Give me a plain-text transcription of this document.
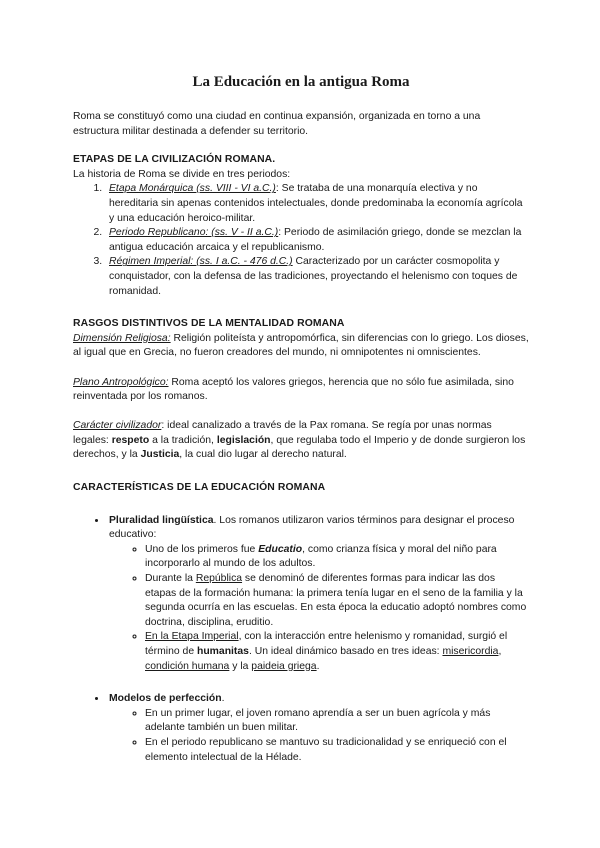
La Educación en la antigua Roma

Roma se constituyó como una ciudad en continua expansión, organizada en torno a una estructura militar destinada a defender su territorio.

ETAPAS DE LA CIVILIZACIÓN ROMANA.

La historia de Roma se divide en tres periodos:

1. Etapa Monárquica (ss. VIII - VI a.C.): Se trataba de una monarquía electiva y no hereditaria sin apenas contenidos intelectuales, donde predominaba la economía agrícola y una educación heroico-militar.
2. Periodo Republicano: (ss. V - II a.C.): Periodo de asimilación griego, donde se mezclan la antigua educación arcaica y el republicanismo.
3. Régimen Imperial: (ss. I a.C. - 476 d.C.) Caracterizado por un carácter cosmopolita y conquistador, con la defensa de las tradiciones, proyectando el helenismo con toques de romanidad.

RASGOS DISTINTIVOS DE LA MENTALIDAD ROMANA

Dimensión Religiosa: Religión politeísta y antropomórfica, sin diferencias con lo griego. Los dioses, al igual que en Grecia, no fueron creadores del mundo, ni omnipotentes ni omniscientes.

Plano Antropológico: Roma aceptó los valores griegos, herencia que no sólo fue asimilada, sino reinventada por los romanos.

Carácter civilizador: ideal canalizado a través de la Pax romana. Se regía por unas normas legales: respeto a la tradición, legislación, que regulaba todo el Imperio y de donde surgieron los derechos, y la Justicia, la cual dio lugar al derecho natural.

CARACTERÍSTICAS DE LA EDUCACIÓN ROMANA

• Pluralidad lingüística. Los romanos utilizaron varios términos para designar el proceso educativo:
◦ Uno de los primeros fue Educatio, como crianza física y moral del niño para incorporarlo al mundo de los adultos.
◦ Durante la República se denominó de diferentes formas para indicar las dos etapas de la formación humana: la primera tenía lugar en el seno de la familia y la segunda ocurría en las escuelas. En esta época la educatio adoptó nombres como doctrina, disciplina, eruditio.
◦ En la Etapa Imperial, con la interacción entre helenismo y romanidad, surgió el término de humanitas. Un ideal dinámico basado en tres ideas: misericordia, condición humana y la paideia griega.
• Modelos de perfección.
◦ En un primer lugar, el joven romano aprendía a ser un buen agrícola y más adelante también un buen militar.
◦ En el periodo republicano se mantuvo su tradicionalidad y se enriqueció con el elemento intelectual de la Hélade.
